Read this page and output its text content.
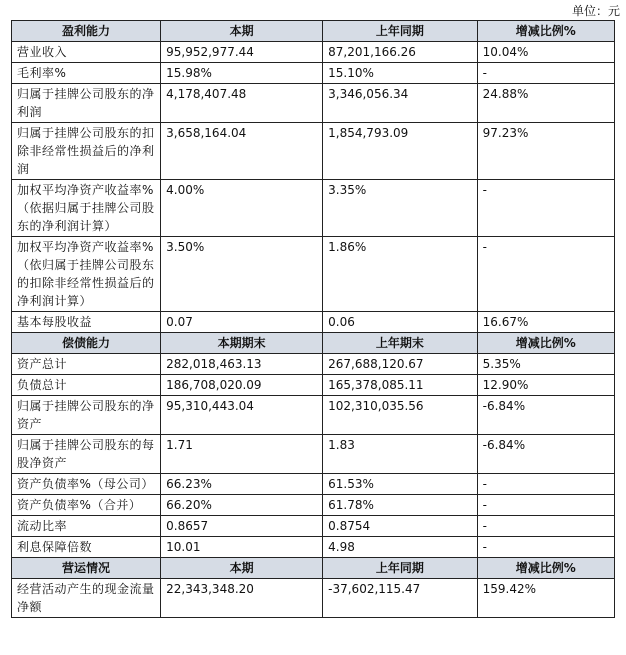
单位：元
盈利能力	本期	上年同期	增减比例%
营业收入	95,952,977.44	87,201,166.26	10.04%
毛利率%	15.98%	15.10%	-
归属于挂牌公司股东的净利润	4,178,407.48	3,346,056.34	24.88%
归属于挂牌公司股东的扣除非经常性损益后的净利润	3,658,164.04	1,854,793.09	97.23%
加权平均净资产收益率%（依据归属于挂牌公司股东的净利润计算）	4.00%	3.35%	-
加权平均净资产收益率%（依归属于挂牌公司股东的扣除非经常性损益后的净利润计算）	3.50%	1.86%	-
基本每股收益	0.07	0.06	16.67%
偿债能力	本期期末	上年期末	增减比例%
资产总计	282,018,463.13	267,688,120.67	5.35%
负债总计	186,708,020.09	165,378,085.11	12.90%
归属于挂牌公司股东的净资产	95,310,443.04	102,310,035.56	-6.84%
归属于挂牌公司股东的每股净资产	1.71	1.83	-6.84%
资产负债率%（母公司）	66.23%	61.53%	-
资产负债率%（合并）	66.20%	61.78%	-
流动比率	0.8657	0.8754	-
利息保障倍数	10.01	4.98	-
营运情况	本期	上年同期	增减比例%
经营活动产生的现金流量净额	22,343,348.20	-37,602,115.47	159.42%
